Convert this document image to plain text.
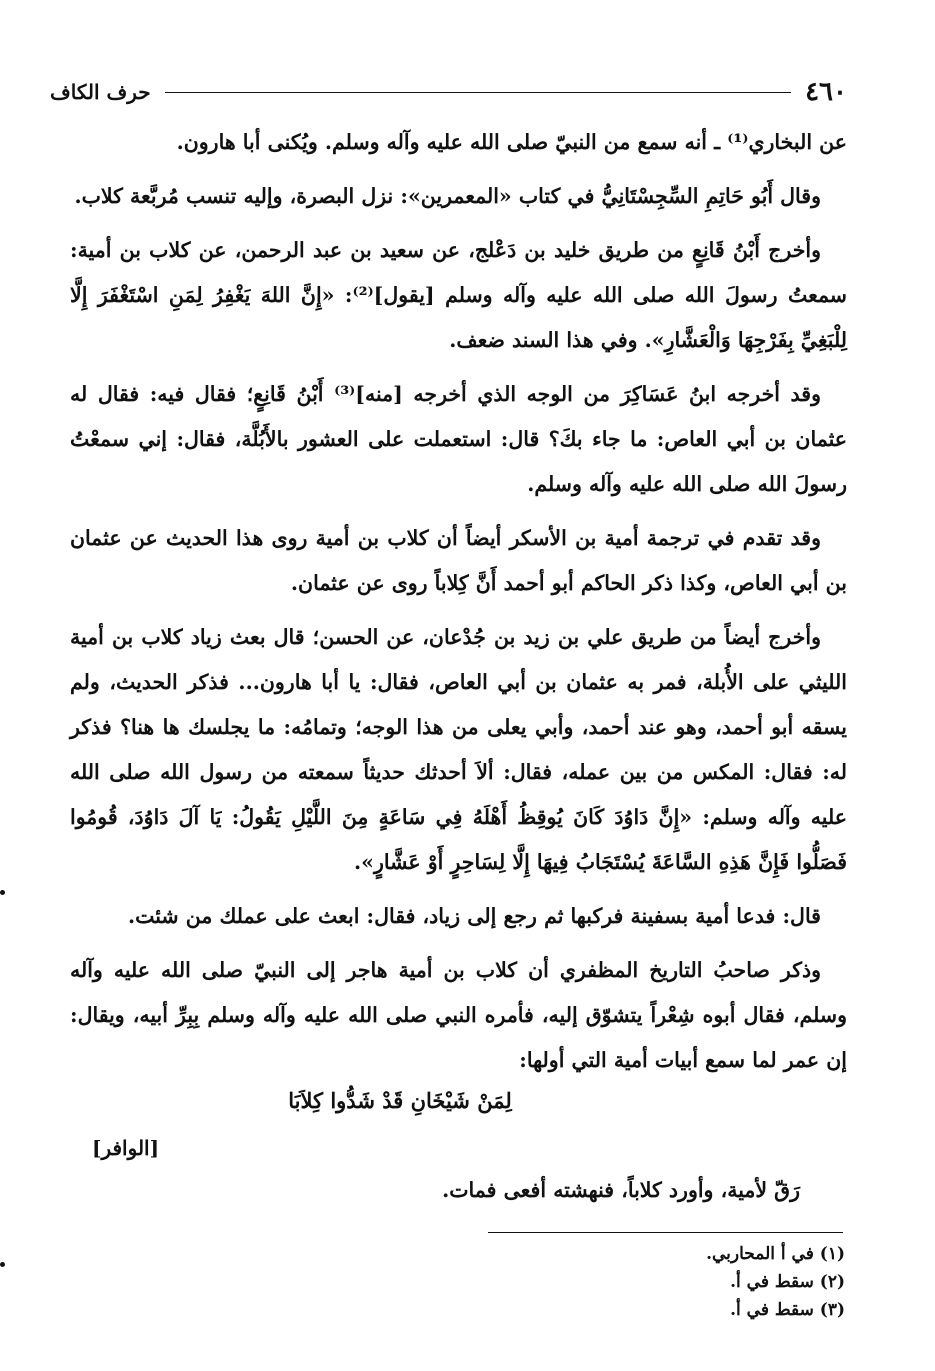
٤٦٠
حرف الكاف

عن البخاري⁽¹⁾ ـ أنه سمع من النبيّ صلى الله عليه وآله وسلم. ويُكنى أبا هارون.

وقال أَبُو حَاتِمِ السِّجِسْتَانِيُّ في كتاب «المعمرين»: نزل البصرة، وإليه تنسب مُربَّعة كلاب.

وأخرج أَبْنُ قَانِعٍ من طريق خليد بن دَعْلج، عن سعيد بن عبد الرحمن، عن كلاب بن أمية: سمعتُ رسولَ الله صلى الله عليه وآله وسلم [يقول]⁽²⁾: «إِنَّ اللهَ يَغْفِرُ لِمَنِ اسْتَغْفَرَ إِلَّا لِلْبَغِيِّ بِفَرْجِهَا وَالْعَشَّارِ». وفي هذا السند ضعف.

وقد أخرجه ابنُ عَسَاكِرَ من الوجه الذي أخرجه [منه]⁽³⁾ أَبْنُ قَانِعٍ؛ فقال فيه: فقال له عثمان بن أبي العاص: ما جاء بكَ؟ قال: استعملت على العشور بالأَبُلَّة، فقال: إني سمعْتُ رسولَ الله صلى الله عليه وآله وسلم.

وقد تقدم في ترجمة أمية بن الأسكر أيضاً أن كلاب بن أمية روى هذا الحديث عن عثمان بن أبي العاص، وكذا ذكر الحاكم أبو أحمد أَنَّ كِلاباً روى عن عثمان.

وأخرج أيضاً من طريق علي بن زيد بن جُدْعان، عن الحسن؛ قال بعث زياد كلاب بن أمية الليثي على الأُبلة، فمر به عثمان بن أبي العاص، فقال: يا أبا هارون... فذكر الحديث، ولم يسقه أبو أحمد، وهو عند أحمد، وأبي يعلى من هذا الوجه؛ وتمامُه: ما يجلسك ها هنا؟ فذكر له: فقال: المكس من بين عمله، فقال: ألاَ أحدثك حديثاً سمعته من رسول الله صلى الله عليه وآله وسلم: «إِنَّ دَاوُدَ كَانَ يُوقِظُ أَهْلَهُ فِي سَاعَةٍ مِنَ اللَّيْلِ يَقُولُ: يَا آلَ دَاوُدَ، قُومُوا فَصَلُّوا فَإِنَّ هَذِهِ السَّاعَةَ يُسْتَجَابُ فِيهَا إِلَّا لِسَاحِرٍ أَوْ عَشَّارٍ».

قال: فدعا أمية بسفينة فركبها ثم رجع إلى زياد، فقال: ابعث على عملك من شئت.

وذكر صاحبُ التاريخ المظفري أن كلاب بن أمية هاجر إلى النبيّ صلى الله عليه وآله وسلم، فقال أبوه شِعْراً يتشوّق إليه، فأمره النبي صلى الله عليه وآله وسلم بِبِرِّ أبيه، ويقال: إن عمر لما سمع أبيات أمية التي أولها:

لِمَنْ شَيْخَانِ قَدْ شَدُّوا كِلاَبَا
[الوافر]
رَقّ لأمية، وأورد كلاباً، فنهشته أفعى فمات.
(١) في أ المحاربي.
(٢) سقط في أ.
(٣) سقط في أ.
